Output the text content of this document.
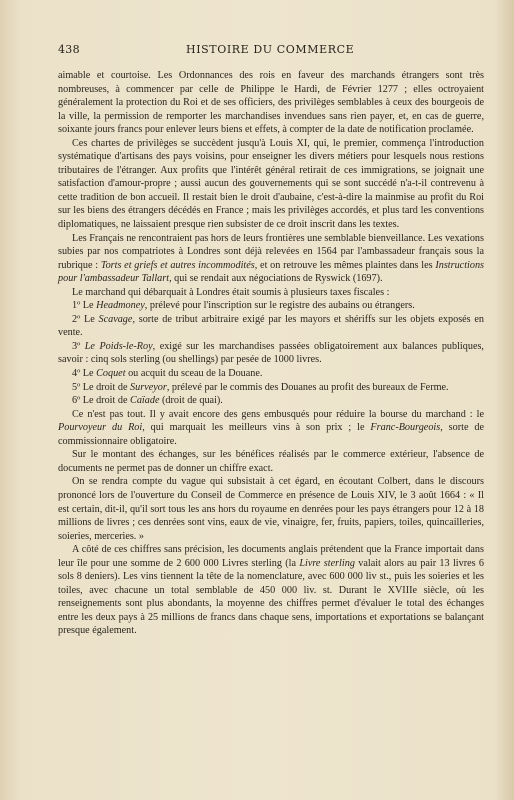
438	HISTOIRE DU COMMERCE

aimable et courtoise. Les Ordonnances des rois en faveur des marchands étrangers sont très nombreuses, à commencer par celle de Philippe le Hardi, de Février 1277 ; elles octroyaient généralement la protection du Roi et de ses officiers, des privilèges semblables à ceux des bourgeois de la ville, la permission de remporter les marchandises invendues sans rien payer, et, en cas de guerre, soixante jours francs pour enlever leurs biens et effets, à compter de la date de notification proclamée.

Ces chartes de privilèges se succèdent jusqu'à Louis XI, qui, le premier, commença l'introduction systématique d'artisans des pays voisins, pour enseigner les divers métiers pour lesquels nous restions tributaires de l'étranger. Aux profits que l'intérêt général retirait de ces immigrations, se joignait une satisfaction d'amour-propre ; aussi aucun des gouvernements qui se sont succédé n'a-t-il contrevenu à cette tradition de bon accueil. Il restait bien le droit d'aubaine, c'est-à-dire la mainmise au profit du Roi sur les biens des étrangers décédés en France ; mais les privilèges accordés, et plus tard les conventions diplomatiques, ne laissaient presque rien subsister de ce droit inscrit dans les textes.

Les Français ne rencontraient pas hors de leurs frontières une semblable bienveillance. Les vexations subies par nos compatriotes à Londres sont déjà relevées en 1564 par l'ambassadeur français sous la rubrique : Torts et griefs et autres incommodités, et on retrouve les mêmes plaintes dans les Instructions pour l'ambassadeur Tallart, qui se rendait aux négociations de Ryswick (1697).

Le marchand qui débarquait à Londres était soumis à plusieurs taxes fiscales :

1º Le Headmoney, prélevé pour l'inscription sur le registre des aubains ou étrangers.

2º Le Scavage, sorte de tribut arbitraire exigé par les mayors et shériffs sur les objets exposés en vente.

3º Le Poids-le-Roy, exigé sur les marchandises passées obligatoirement aux balances publiques, savoir : cinq sols sterling (ou shellings) par pesée de 1000 livres.

4º Le Coquet ou acquit du sceau de la Douane.

5º Le droit de Surveyor, prélevé par le commis des Douanes au profit des bureaux de Ferme.

6º Le droit de Caïade (droit de quai).

Ce n'est pas tout. Il y avait encore des gens embusqués pour réduire la bourse du marchand : le Pourvoyeur du Roi, qui marquait les meilleurs vins à son prix ; le Franc-Bourgeois, sorte de commissionnaire obligatoire.

Sur le montant des échanges, sur les bénéfices réalisés par le commerce extérieur, l'absence de documents ne permet pas de donner un chiffre exact.

On se rendra compte du vague qui subsistait à cet égard, en écoutant Colbert, dans le discours prononcé lors de l'ouverture du Conseil de Commerce en présence de Louis XIV, le 3 août 1664 : « Il est certain, dit-il, qu'il sort tous les ans hors du royaume en denrées pour les pays étrangers pour 12 à 18 millions de livres ; ces denrées sont vins, eaux de vie, vinaigre, fer, fruits, papiers, toiles, quincailleries, soieries, merceries. »

A côté de ces chiffres sans précision, les documents anglais prétendent que la France importait dans leur île pour une somme de 2 600 000 Livres sterling (la Livre sterling valait alors au pair 13 livres 6 sols 8 deniers). Les vins tiennent la tête de la nomenclature, avec 600 000 liv st., puis les soieries et les toiles, avec chacune un total semblable de 450 000 liv. st. Durant le XVIIIe siècle, où les renseignements sont plus abondants, la moyenne des chiffres permet d'évaluer le total des échanges entre les deux pays à 25 millions de francs dans chaque sens, importations et exportations se balançant presque également.
